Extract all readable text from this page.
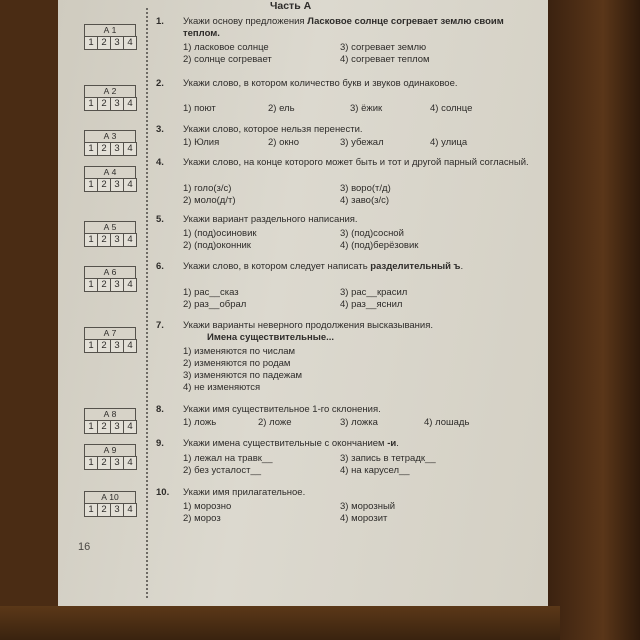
Часть А
А 1
1 2 3 4
А 2
1 2 3 4
А 3
1 2 3 4
А 4
1 2 3 4
А 5
1 2 3 4
А 6
1 2 3 4
А 7
1 2 3 4
А 8
1 2 3 4
А 9
1 2 3 4
А 10
1 2 3 4
1.	Укажи основу предложения Ласковое солнце согревает землю своим теплом.
1) ласковое солнце
2) солнце согревает
3) согревает землю
4) согревает теплом
2.	Укажи слово, в котором количество букв и звуков одинаковое.
1) поют	2) ель	3) ёжик	4) солнце
3.	Укажи слово, которое нельзя перенести.
1) Юлия	2) окно	3) убежал	4) улица
4.	Укажи слово, на конце которого может быть и тот и другой парный согласный.
1) голо(з/с)
2) моло(д/т)
3) воро(т/д)
4) заво(з/с)
5.	Укажи вариант раздельного написания.
1) (под)осиновик
2) (под)оконник
3) (под)сосной
4) (под)берёзовик
6.	Укажи слово, в котором следует написать разделительный ъ.
1) рас__сказ
2) раз__обрал
3) рас__красил
4) раз__яснил
7.	Укажи варианты неверного продолжения высказывания.
Имена существительные...
1) изменяются по числам
2) изменяются по родам
3) изменяются по падежам
4) не изменяются
8.	Укажи имя существительное 1-го склонения.
1) ложь	2) ложе	3) ложка	4) лошадь
9.	Укажи имена существительные с окончанием -и.
1) лежал на травк__
2) без усталост__
3) запись в тетрадк__
4) на карусел__
10.	Укажи имя прилагательное.
1) морозно
2) мороз
3) морозный
4) морозит
16
